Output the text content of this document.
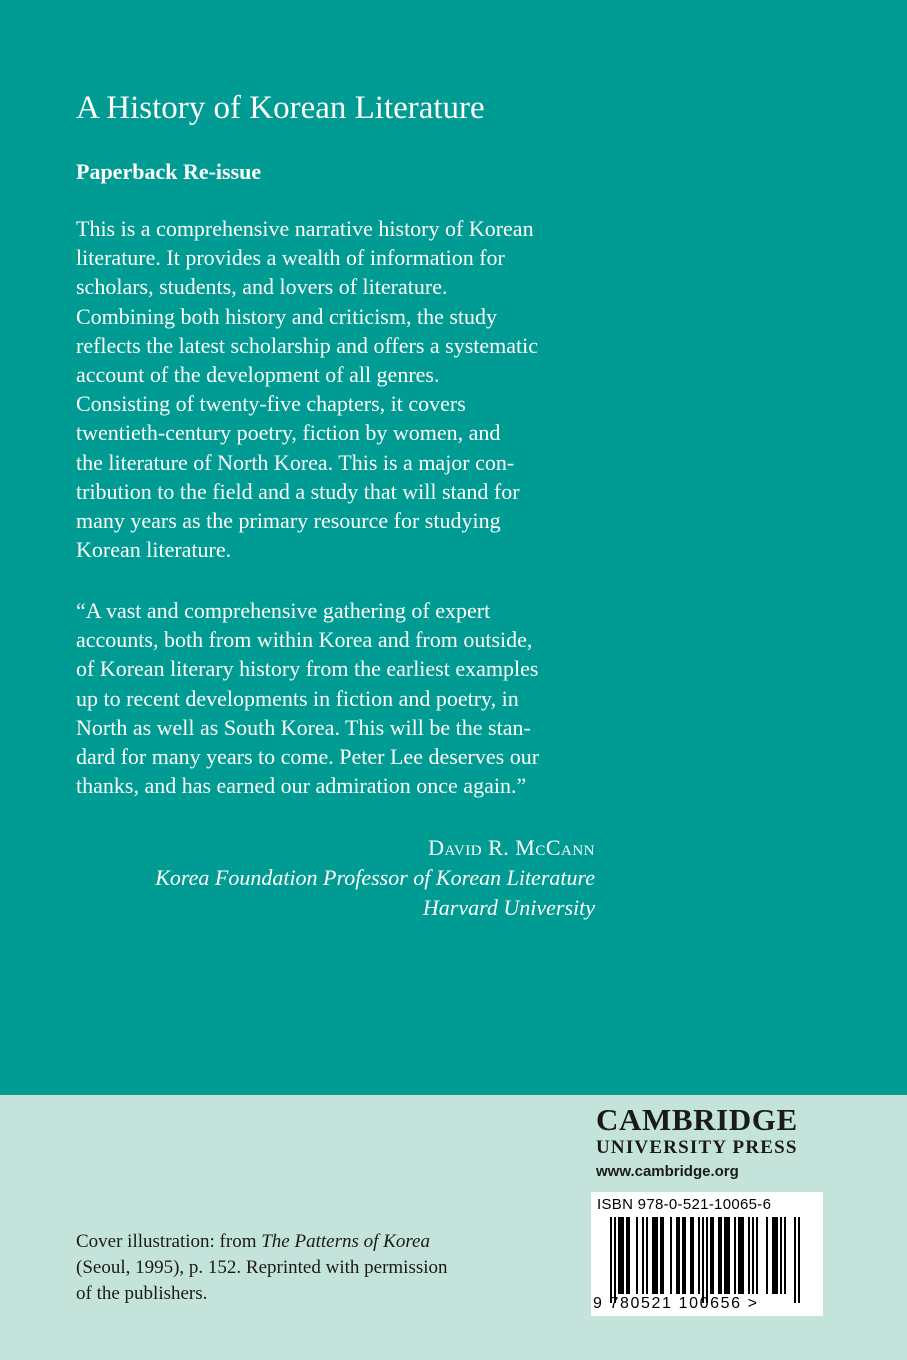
A History of Korean Literature
Paperback Re-issue
This is a comprehensive narrative history of Korean
literature. It provides a wealth of information for
scholars, students, and lovers of literature.
Combining both history and criticism, the study
reflects the latest scholarship and offers a systematic
account of the development of all genres.
Consisting of twenty-five chapters, it covers
twentieth-century poetry, fiction by women, and
the literature of North Korea. This is a major con-
tribution to the field and a study that will stand for
many years as the primary resource for studying
Korean literature.
“A vast and comprehensive gathering of expert
accounts, both from within Korea and from outside,
of Korean literary history from the earliest examples
up to recent developments in fiction and poetry, in
North as well as South Korea. This will be the stan-
dard for many years to come. Peter Lee deserves our
thanks, and has earned our admiration once again.”
David R. McCann
Korea Foundation Professor of Korean Literature
Harvard University
CAMBRIDGE
UNIVERSITY PRESS
www.cambridge.org
Cover illustration: from The Patterns of Korea
(Seoul, 1995), p. 152. Reprinted with permission
of the publishers.
ISBN 978-0-521-10065-6
9 780521 100656 >
